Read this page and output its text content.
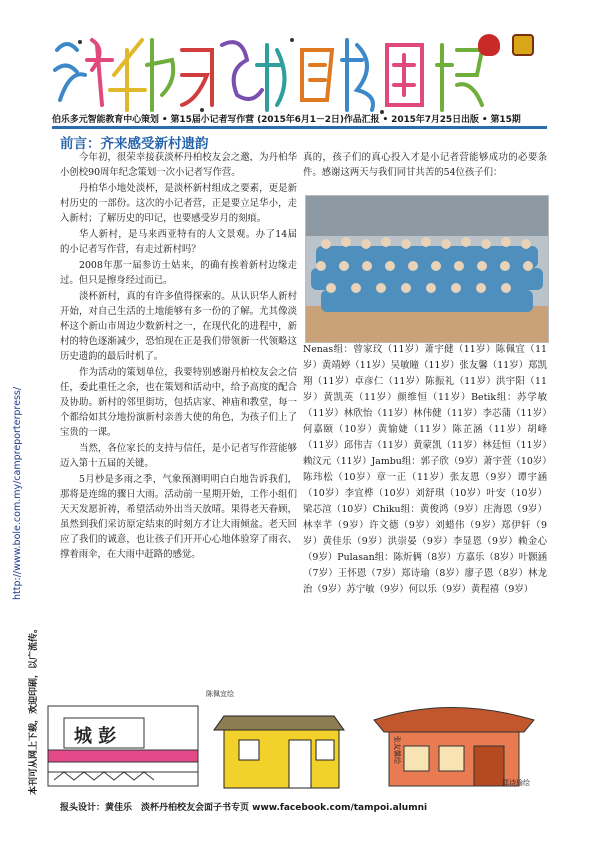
伯乐多元智能教育中心策划 • 第15届小记者写作营 (2015年6月1－2日)作品汇报 • 2015年7月25日出版 • 第15期
http://www.bole.com.my/campreporterpress/
本刊可从网上下载，欢迎印刷，以广流传。
前言：齐来感受新村遗韵

今年初，很荣幸接获淡杯丹柏校友会之邀，为丹柏华小创校90周年纪念策划一次小记者写作营。

丹柏华小地处淡杯，是淡杯新村组成之要素，更是新村历史的一部份。这次的小记者营，正是要立足华小，走入新村；了解历史的印记，也要感受岁月的刻痕。

华人新村，是马来西亚特有的人文景观。办了14届的小记者写作营，有走过新村吗？

2008年那一届参访士姑来，的确有挨着新村边缘走过。但只是擦身经过而已。

淡杯新村，真的有许多值得探索的。从认识华人新村开始，对自己生活的土地能够有多一份的了解。尤其像淡杯这个新山市周边少数新村之一，在现代化的进程中，新村的特色逐渐减少，恐怕现在正是我们带领新一代领略这历史遗韵的最后时机了。

作为活动的策划单位，我要特别感谢丹柏校友会之信任，委此重任之余，也在策划和活动中，给予高度的配合及协助。新村的邻里街坊，包括店家、神庙和教堂，每一个都给如其分地扮演新村亲善大使的角色，为孩子们上了宝贵的一课。

当然，各位家长的支持与信任，是小记者写作营能够迈入第十五届的关键。

5月杪是多雨之季，气象预测明明白白地告诉我们，那将是连绵的骤日大雨。活动前一星期开始，工作小组们天天发愿祈祷，希望活动外出当天放晴。果得老天眷顾，虽然到我们采访原定结束的时刻方才让大雨倾盆。老天回应了我们的诚意，也让孩子们开开心心地体验穿了雨衣、撑着雨伞，在大雨中赶路的感觉。

真的，孩子们的真心投入才是小记者营能够成功的必要条件。感谢这两天与我们同甘共苦的54位孩子们：

Nenas组：曾家玟（11岁）萧宇健（11岁）陈佩宜（11岁）黄靖婷（11岁）吴敏瞳（11岁）张友馨（11岁）郑凯翔（11岁）卓彦仁（11岁）陈振礼（11岁）洪宇阳（11岁）黄凯英（11岁）颜维恒（11岁）Betik组：苏学敏（11岁）林欣怡（11岁）林伟健（11岁）李芯蒲（11岁）何嘉颐（10岁）黄愉婕（11岁）陈芷涵（11岁）胡峰（11岁）邱伟吉（11岁）黄蒙凯（11岁）林廷恒（11岁）赖汶元（11岁）Jambu组：郭子欣（9岁）萧宇萱（10岁）陈玮松（10岁）章一正（11岁）张友恩（9岁）谭宇涵（10岁）李宜桦（10岁）刘舒琪（10岁）叶安（10岁）梁芯渲（10岁）Chiku组：黄俊鸿（9岁）庄海恩（9岁）林幸芊（9岁）许文德（9岁）刘蜡伟（9岁）郑伊轩（9岁）黄佳乐（9岁）洪崇晏（9岁）李显恩（9岁）赖金心（9岁）Pulasan组：陈炘俩（8岁）方嘉乐（8岁）叶颢涵（7岁）王怀恩（7岁）郑诗瑜（8岁）廖子恩（8岁）林龙治（9岁）苏宁敏（9岁）何以乐（9岁）黄程禧（9岁）
城 彭
陈佩宜绘
张友馨绘
郑诗瑜绘
报头设计：黄佳乐　淡杯丹柏校友会面子书专页 www.facebook.com/tampoi.alumni
